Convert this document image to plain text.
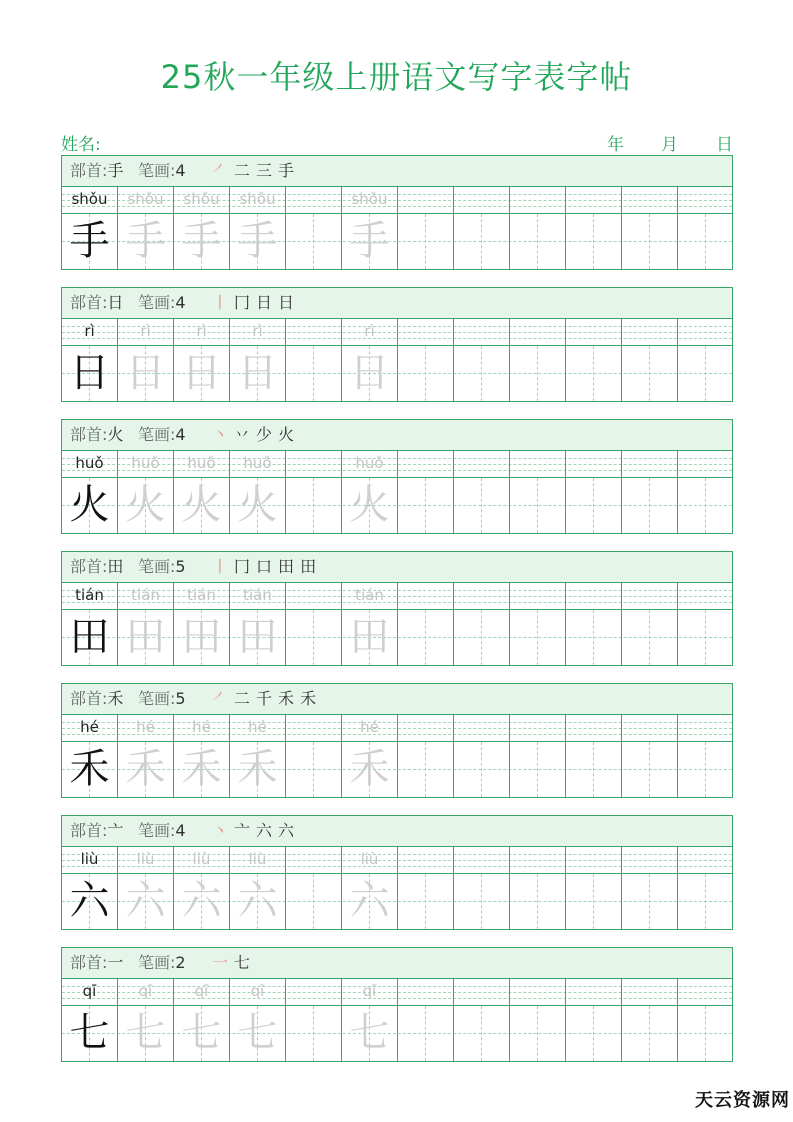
25秋一年级上册语文写字表字帖
姓名:	年 月 日
部首:手 笔画:4 ㇒ 二 三 手
shǒu
手
shǒu
手
shǒu
手
shǒu
手
shǒu
手
部首:日 笔画:4 丨 冂 日 日
rì
日
rì
日
rì
日
rì
日
rì
日
部首:火 笔画:4 丶 丷 少 火
huǒ
火
huǒ
火
huǒ
火
huǒ
火
huǒ
火
部首:田 笔画:5 丨 冂 口 田 田
tián
田
tián
田
tián
田
tián
田
tián
田
部首:禾 笔画:5 ㇒ 二 千 禾 禾
hé
禾
hé
禾
hé
禾
hé
禾
hé
禾
部首:亠 笔画:4 丶 亠 六 六
liù
六
liù
六
liù
六
liù
六
liù
六
部首:一 笔画:2 一 七
qī
七
qī
七
qī
七
qī
七
qī
七
天云资源网
